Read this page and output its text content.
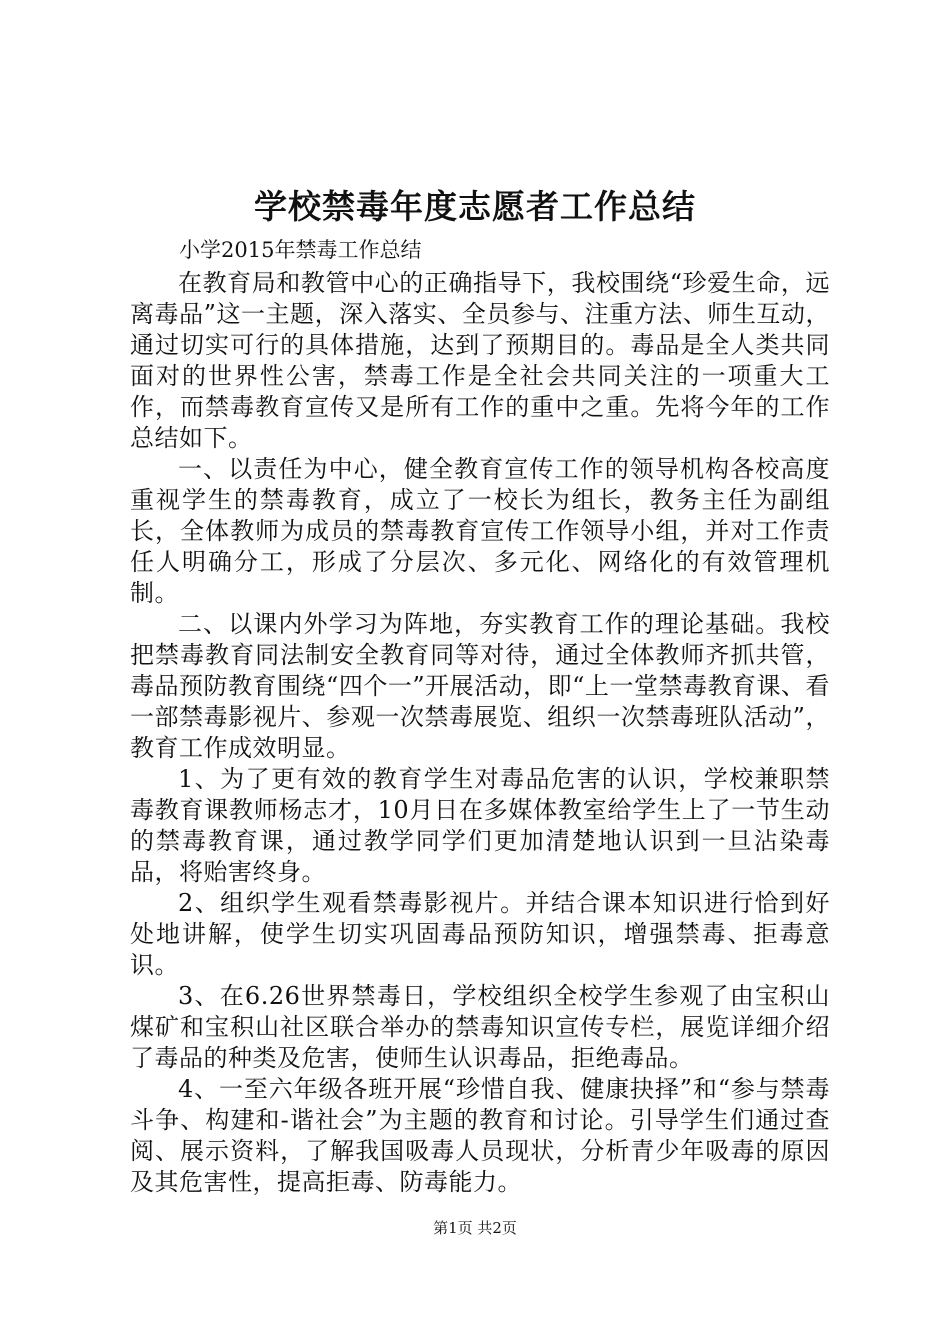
学校禁毒年度志愿者工作总结

小学2015年禁毒工作总结

在教育局和教管中心的正确指导下，我校围绕“珍爱生命，远离毒品”这一主题，深入落实、全员参与、注重方法、师生互动，通过切实可行的具体措施，达到了预期目的。毒品是全人类共同面对的世界性公害，禁毒工作是全社会共同关注的一项重大工作，而禁毒教育宣传又是所有工作的重中之重。先将今年的工作总结如下。

一、以责任为中心，健全教育宣传工作的领导机构各校高度重视学生的禁毒教育，成立了一校长为组长，教务主任为副组长，全体教师为成员的禁毒教育宣传工作领导小组，并对工作责任人明确分工，形成了分层次、多元化、网络化的有效管理机制。

二、以课内外学习为阵地，夯实教育工作的理论基础。我校把禁毒教育同法制安全教育同等对待，通过全体教师齐抓共管，毒品预防教育围绕“四个一”开展活动，即“上一堂禁毒教育课、看一部禁毒影视片、参观一次禁毒展览、组织一次禁毒班队活动”，教育工作成效明显。

1、为了更有效的教育学生对毒品危害的认识，学校兼职禁毒教育课教师杨志才，10月日在多媒体教室给学生上了一节生动的禁毒教育课，通过教学同学们更加清楚地认识到一旦沾染毒品，将贻害终身。

2、组织学生观看禁毒影视片。并结合课本知识进行恰到好处地讲解，使学生切实巩固毒品预防知识，增强禁毒、拒毒意识。

3、在6.26世界禁毒日，学校组织全校学生参观了由宝积山煤矿和宝积山社区联合举办的禁毒知识宣传专栏，展览详细介绍了毒品的种类及危害，使师生认识毒品，拒绝毒品。

4、一至六年级各班开展“珍惜自我、健康抉择”和“参与禁毒斗争、构建和-谐社会”为主题的教育和讨论。引导学生们通过查阅、展示资料，了解我国吸毒人员现状，分析青少年吸毒的原因及其危害性，提高拒毒、防毒能力。

第1页 共2页
